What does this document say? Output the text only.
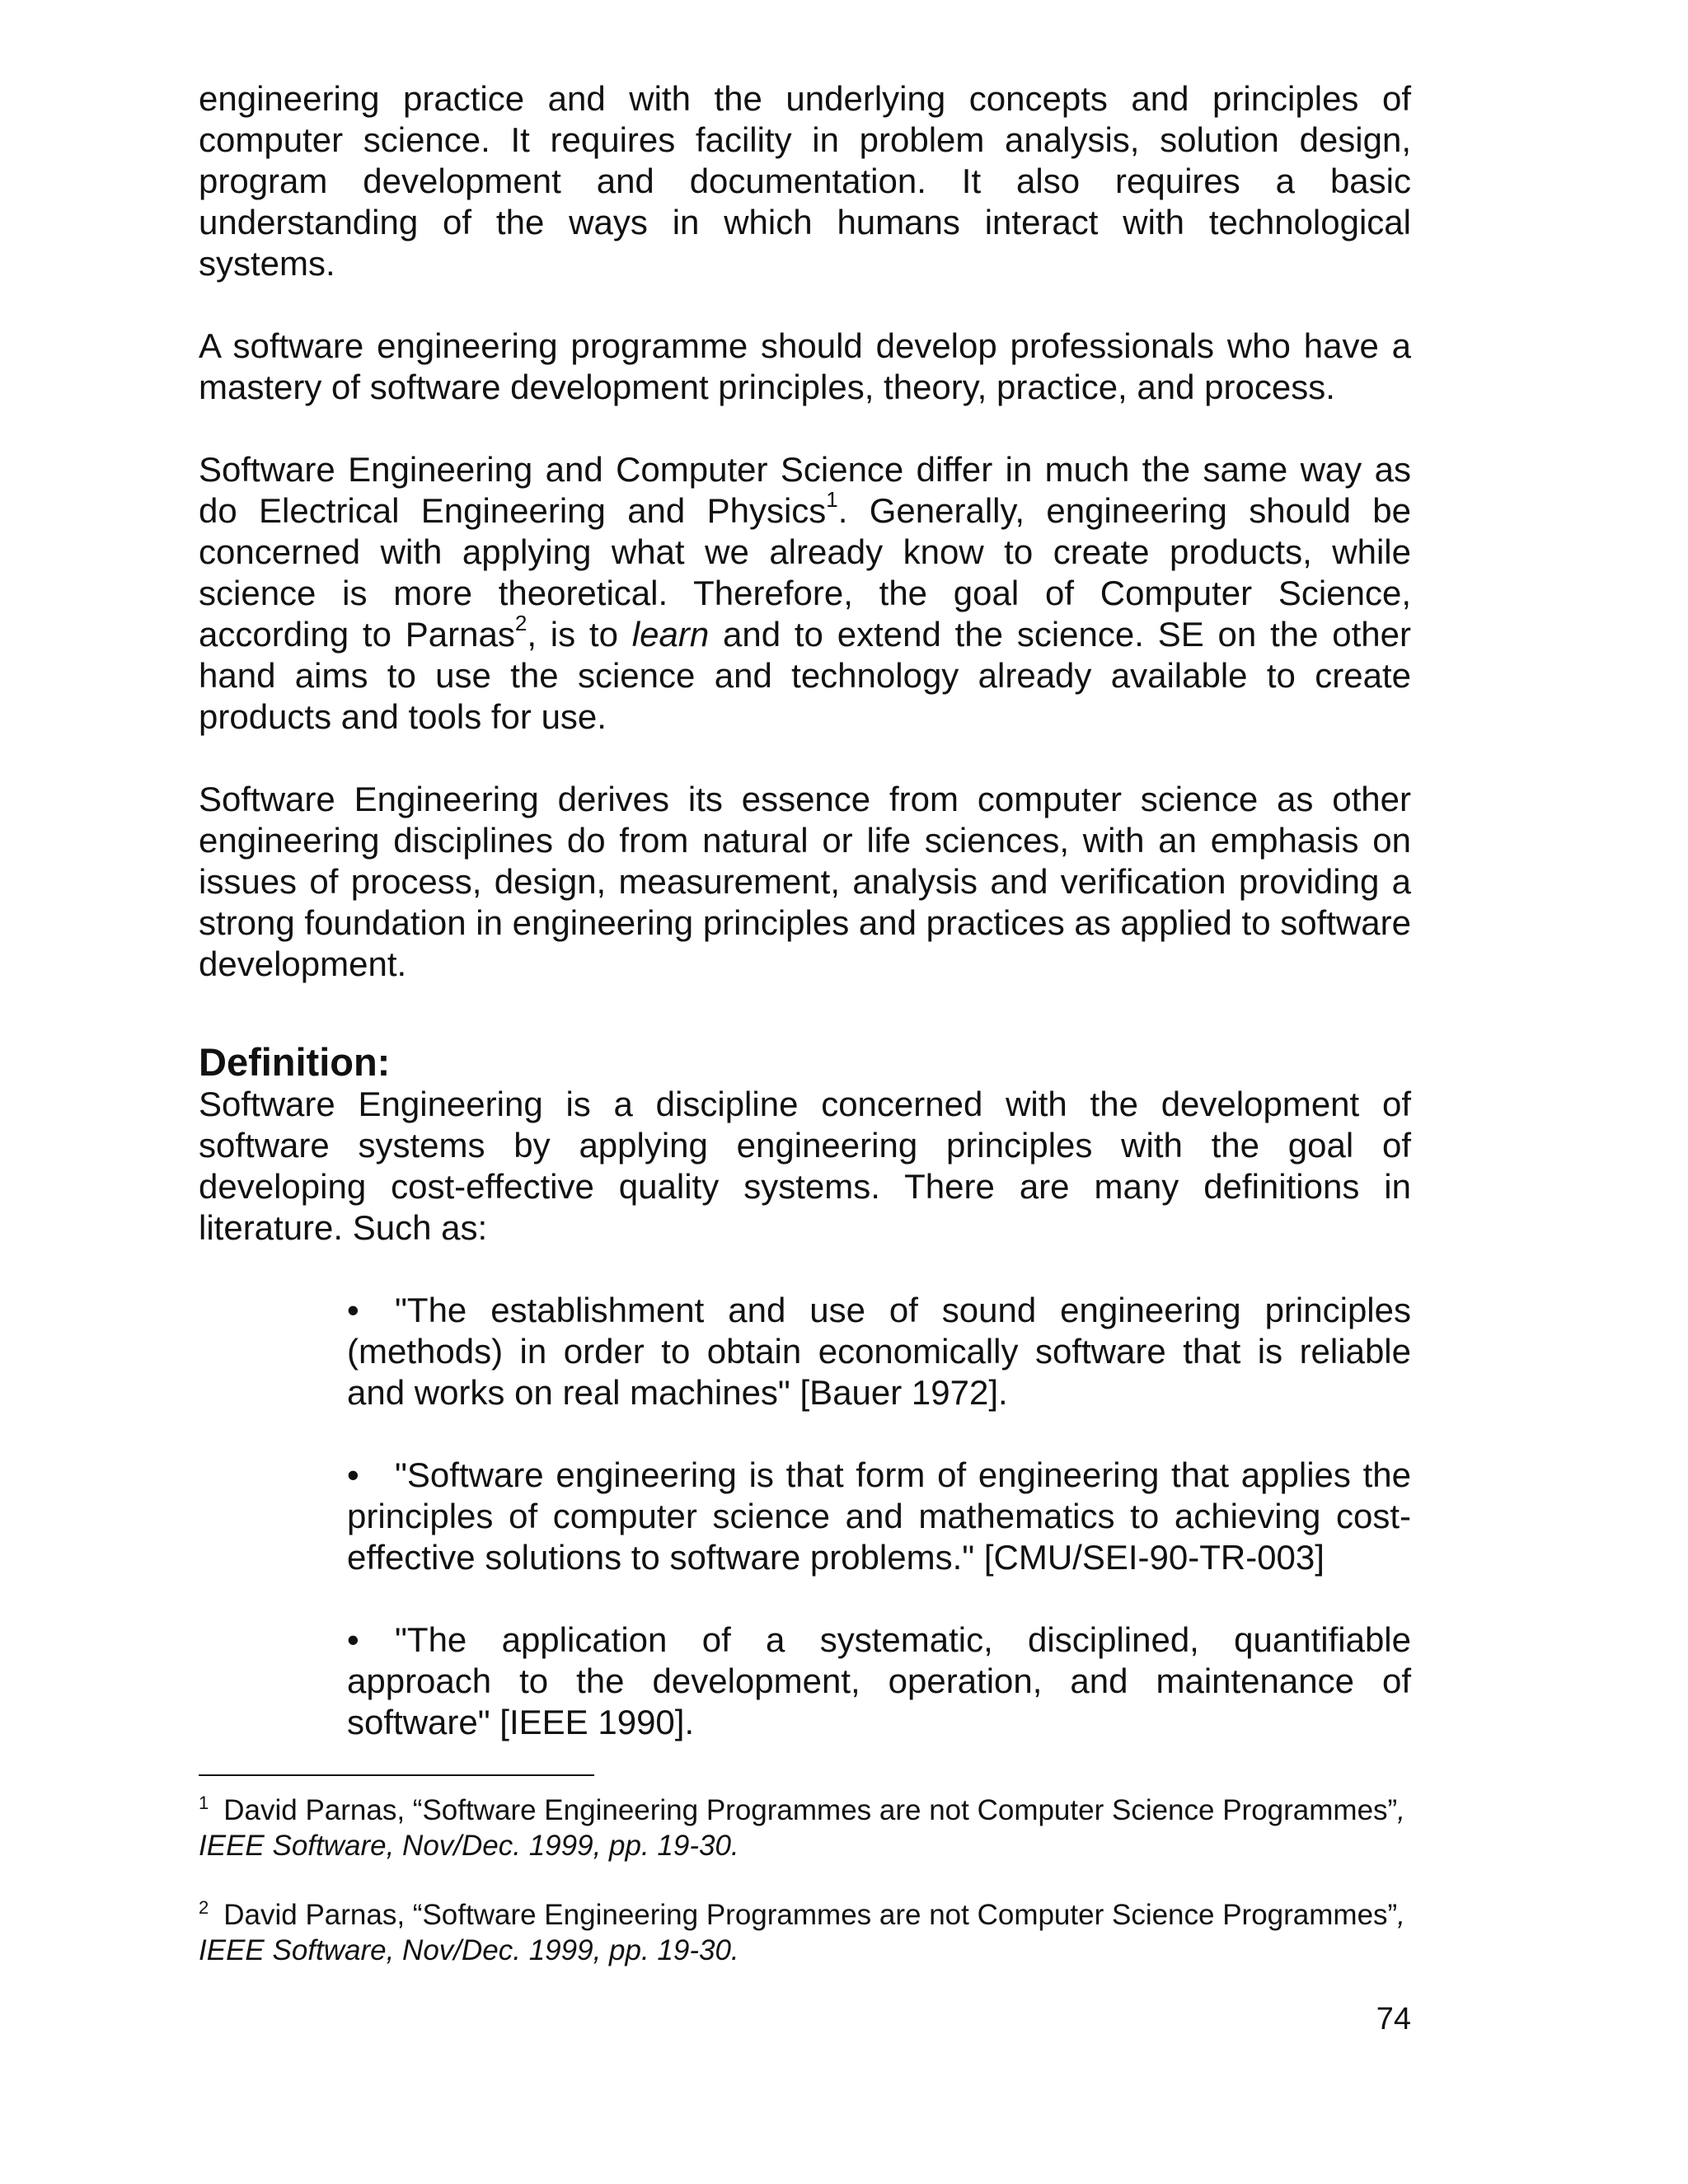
engineering practice and with the underlying concepts and principles of computer science. It requires facility in problem analysis, solution design, program development and documentation. It also requires a basic understanding of the ways in which humans interact with technological systems.

A software engineering programme should develop professionals who have a mastery of software development principles, theory, practice, and process.

Software Engineering and Computer Science differ in much the same way as do Electrical Engineering and Physics$^1$. Generally, engineering should be concerned with applying what we already know to create products, while science is more theoretical. Therefore, the goal of Computer Science, according to Parnas$^2$, is to learn and to extend the science. SE on the other hand aims to use the science and technology already available to create products and tools for use.

Software Engineering derives its essence from computer science as other engineering disciplines do from natural or life sciences, with an emphasis on issues of process, design, measurement, analysis and verification providing a strong foundation in engineering principles and practices as applied to software development.

Definition:

Software Engineering is a discipline concerned with the development of software systems by applying engineering principles with the goal of developing cost-effective quality systems. There are many definitions in literature. Such as:

• "The establishment and use of sound engineering principles (methods) in order to obtain economically software that is reliable and works on real machines" [Bauer 1972].
• "Software engineering is that form of engineering that applies the principles of computer science and mathematics to achieving cost-effective solutions to software problems." [CMU/SEI-90-TR-003]
• "The application of a systematic, disciplined, quantifiable approach to the development, operation, and maintenance of software" [IEEE 1990].

$^1$ David Parnas, “Software Engineering Programmes are not Computer Science Programmes”, IEEE Software, Nov/Dec. 1999, pp. 19-30.

$^2$ David Parnas, “Software Engineering Programmes are not Computer Science Programmes”, IEEE Software, Nov/Dec. 1999, pp. 19-30.

74
